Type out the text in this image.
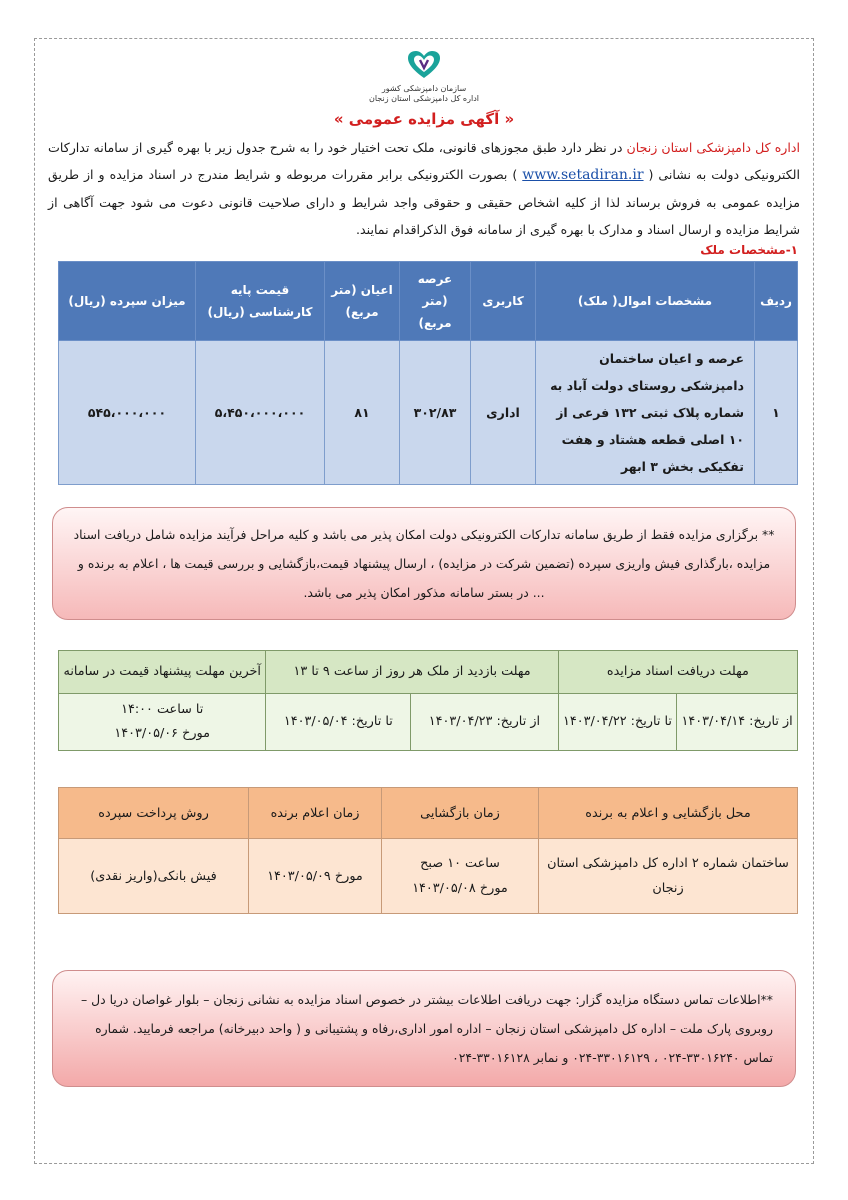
سازمان دامپزشکی کشور
اداره کل دامپزشکی استان زنجان
« آگهی مزایده عمومی »
اداره کل دامپزشکی استان زنجان در نظر دارد طبق مجوزهای قانونی، ملک تحت اختیار خود را به شرح جدول زیر با بهره گیری از سامانه تدارکات الکترونیکی دولت به نشانی ( www.setadiran.ir ) بصورت الکترونیکی برابر مقررات مربوطه و شرایط مندرج در اسناد مزایده و از طریق مزایده عمومی به فروش برساند لذا از کلیه اشخاص حقیقی و حقوقی واجد شرایط و دارای صلاحیت قانونی دعوت می شود جهت آگاهی از شرایط مزایده و ارسال اسناد و مدارک با بهره گیری از سامانه فوق الذکراقدام نمایند.
۱-مشخصات ملک
ردیف	مشخصات اموال( ملک)	کاربری	عرصه (متر مربع)	اعیان (متر مربع)	قیمت پایه کارشناسی (ریال)	میزان سپرده (ریال)
۱	عرصه و اعیان ساختمان دامپزشکی روستای دولت آباد به شماره پلاک ثبتی ۱۳۲ فرعی از ۱۰ اصلی قطعه هشتاد و هفت تفکیکی بخش ۳ ابهر	اداری	۳۰۲/۸۳	۸۱	۵،۴۵۰،۰۰۰،۰۰۰	۵۴۵،۰۰۰،۰۰۰
** برگزاری مزایده فقط از طریق سامانه تدارکات الکترونیکی دولت امکان پذیر می باشد و کلیه مراحل فرآیند مزایده شامل دریافت اسناد مزایده ،بارگذاری فیش واریزی سپرده (تضمین شرکت در مزایده) ، ارسال پیشنهاد قیمت،بازگشایی و بررسی قیمت ها ، اعلام به برنده و ... در بستر سامانه مذکور امکان پذیر می باشد.
مهلت دریافت اسناد مزایده		مهلت بازدید از ملک هر روز از ساعت ۹ تا ۱۳		آخرین مهلت پیشنهاد قیمت در سامانه
از تاریخ: ۱۴۰۳/۰۴/۱۴	تا تاریخ: ۱۴۰۳/۰۴/۲۲	از تاریخ: ۱۴۰۳/۰۴/۲۳	تا تاریخ: ۱۴۰۳/۰۵/۰۴	تا ساعت ۱۴:۰۰
مورخ ۱۴۰۳/۰۵/۰۶
محل بازگشایی و اعلام به برنده	زمان بازگشایی	زمان اعلام برنده	روش پرداخت سپرده
ساختمان شماره ۲ اداره کل دامپزشکی استان زنجان	ساعت ۱۰ صبح
مورخ ۱۴۰۳/۰۵/۰۸	مورخ ۱۴۰۳/۰۵/۰۹	فیش بانکی(واریز نقدی)
**اطلاعات تماس دستگاه مزایده گزار: جهت دریافت اطلاعات بیشتر در خصوص اسناد مزایده به نشانی زنجان – بلوار غواصان دریا دل – روبروی پارک ملت – اداره کل دامپزشکی استان زنجان – اداره امور اداری،رفاه و پشتیبانی و ( واحد دبیرخانه) مراجعه فرمایید. شماره تماس ۳۳۰۱۶۲۴۰-۰۲۴ ، ۳۳۰۱۶۱۲۹-۰۲۴ و نمابر ۳۳۰۱۶۱۲۸-۰۲۴
